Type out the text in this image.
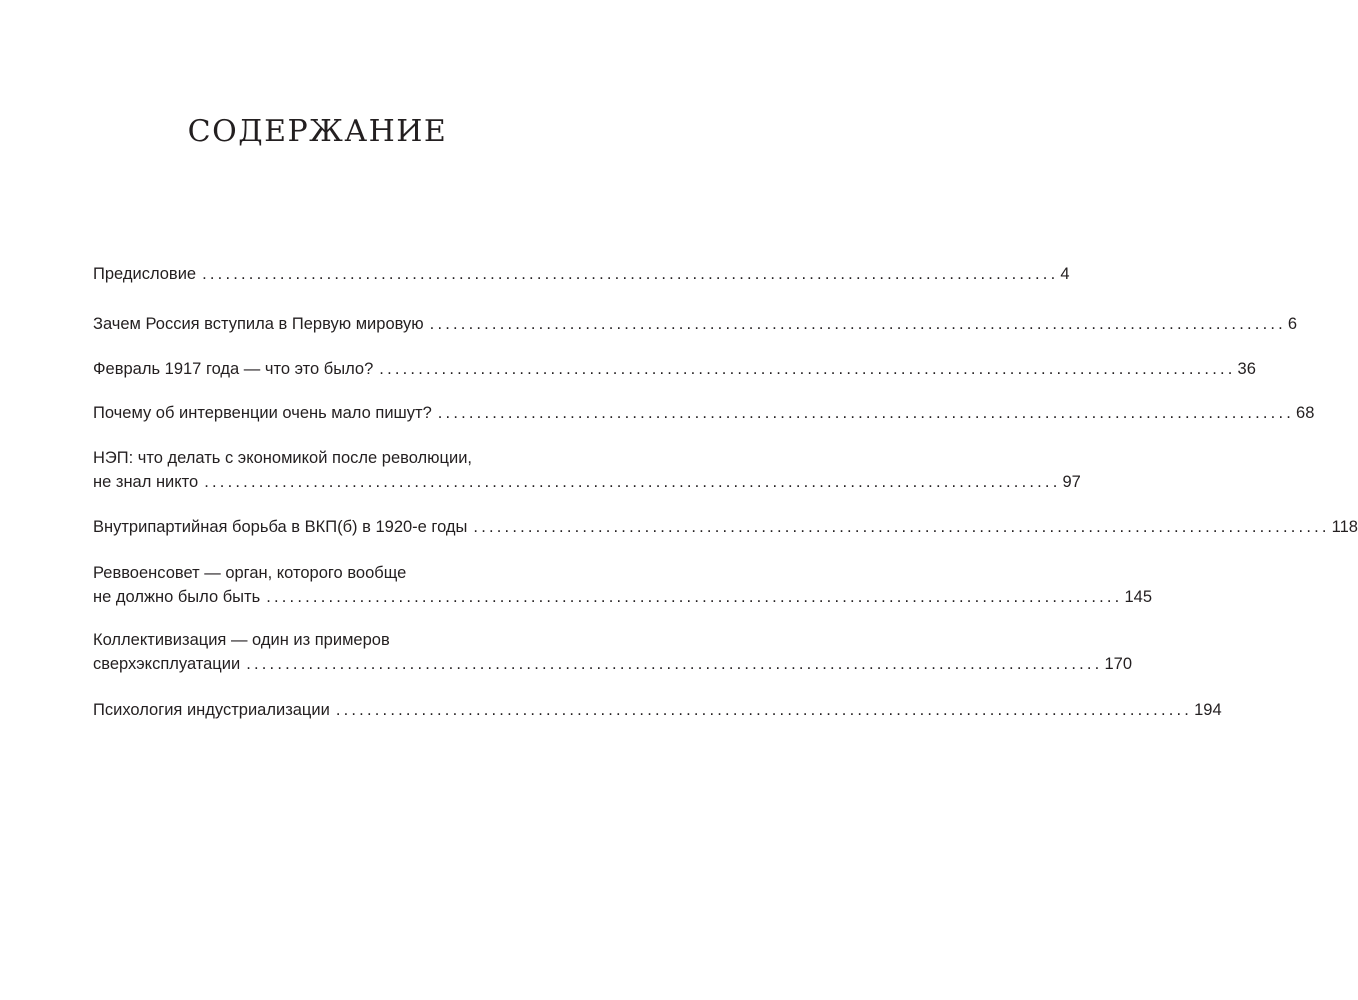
СОДЕРЖАНИЕ
Предисловие .............................................................................................................. 4
Зачем Россия вступила в Первую мировую .............................................................................................................. 6
Февраль 1917 года — что это было? .............................................................................................................. 36
Почему об интервенции очень мало пишут? .............................................................................................................. 68
НЭП: что делать с экономикой после революции,
не знал никто .............................................................................................................. 97
Внутрипартийная борьба в ВКП(б) в 1920-е годы .............................................................................................................. 118
Реввоенсовет — орган, которого вообще
не должно было быть .............................................................................................................. 145
Коллективизация — один из примеров
сверхэксплуатации .............................................................................................................. 170
Психология индустриализации .............................................................................................................. 194
